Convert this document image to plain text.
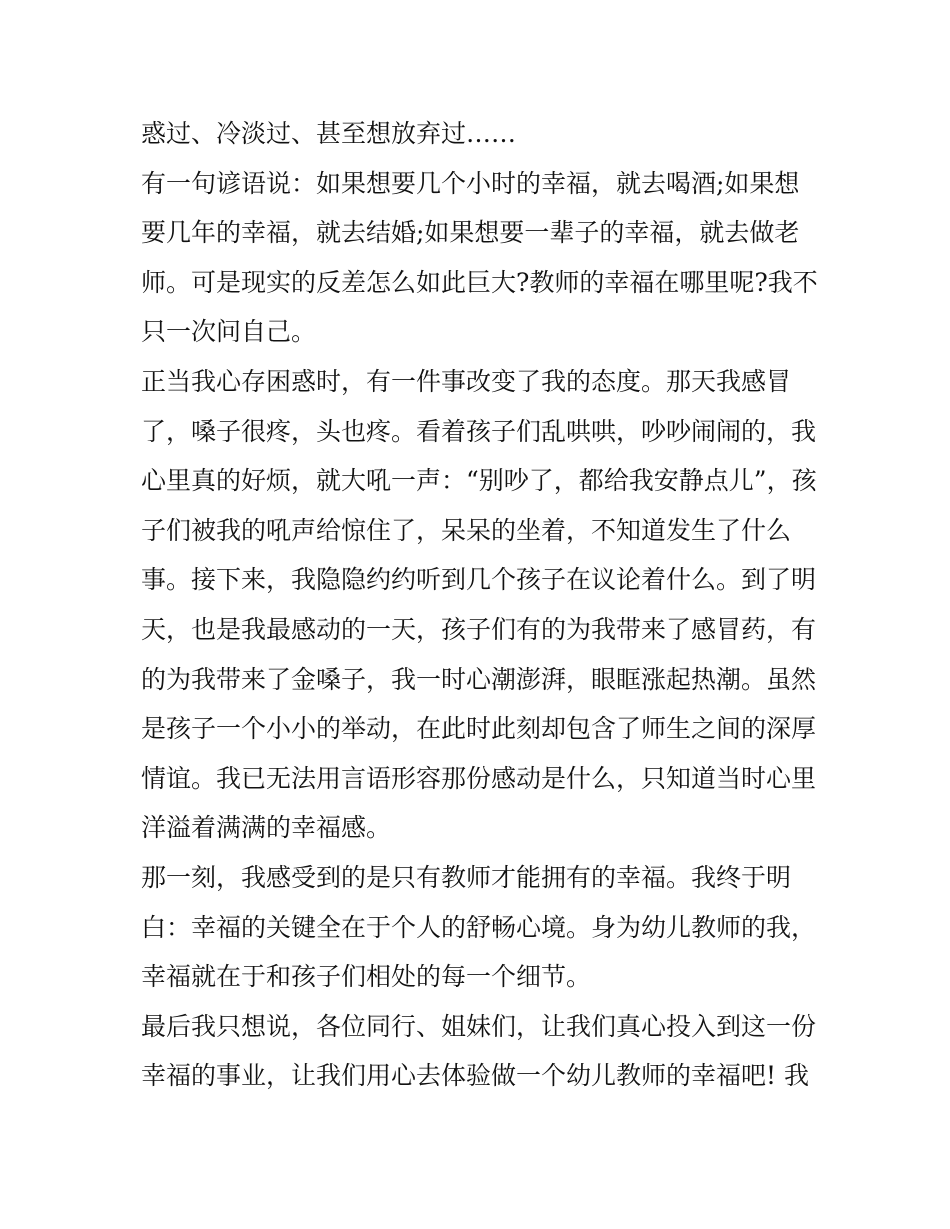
惑过、冷淡过、甚至想放弃过……
有一句谚语说：如果想要几个小时的幸福，就去喝酒;如果想
要几年的幸福，就去结婚;如果想要一辈子的幸福，就去做老
师。可是现实的反差怎么如此巨大?教师的幸福在哪里呢?我不
只一次问自己。
正当我心存困惑时，有一件事改变了我的态度。那天我感冒
了，嗓子很疼，头也疼。看着孩子们乱哄哄，吵吵闹闹的，我
心里真的好烦，就大吼一声：“别吵了，都给我安静点儿”，孩
子们被我的吼声给惊住了，呆呆的坐着，不知道发生了什么
事。接下来，我隐隐约约听到几个孩子在议论着什么。到了明
天，也是我最感动的一天，孩子们有的为我带来了感冒药，有
的为我带来了金嗓子，我一时心潮澎湃，眼眶涨起热潮。虽然
是孩子一个小小的举动，在此时此刻却包含了师生之间的深厚
情谊。我已无法用言语形容那份感动是什么，只知道当时心里
洋溢着满满的幸福感。
那一刻，我感受到的是只有教师才能拥有的幸福。我终于明
白：幸福的关键全在于个人的舒畅心境。身为幼儿教师的我，
幸福就在于和孩子们相处的每一个细节。
最后我只想说，各位同行、姐妹们，让我们真心投入到这一份
幸福的事业，让我们用心去体验做一个幼儿教师的幸福吧! 我
